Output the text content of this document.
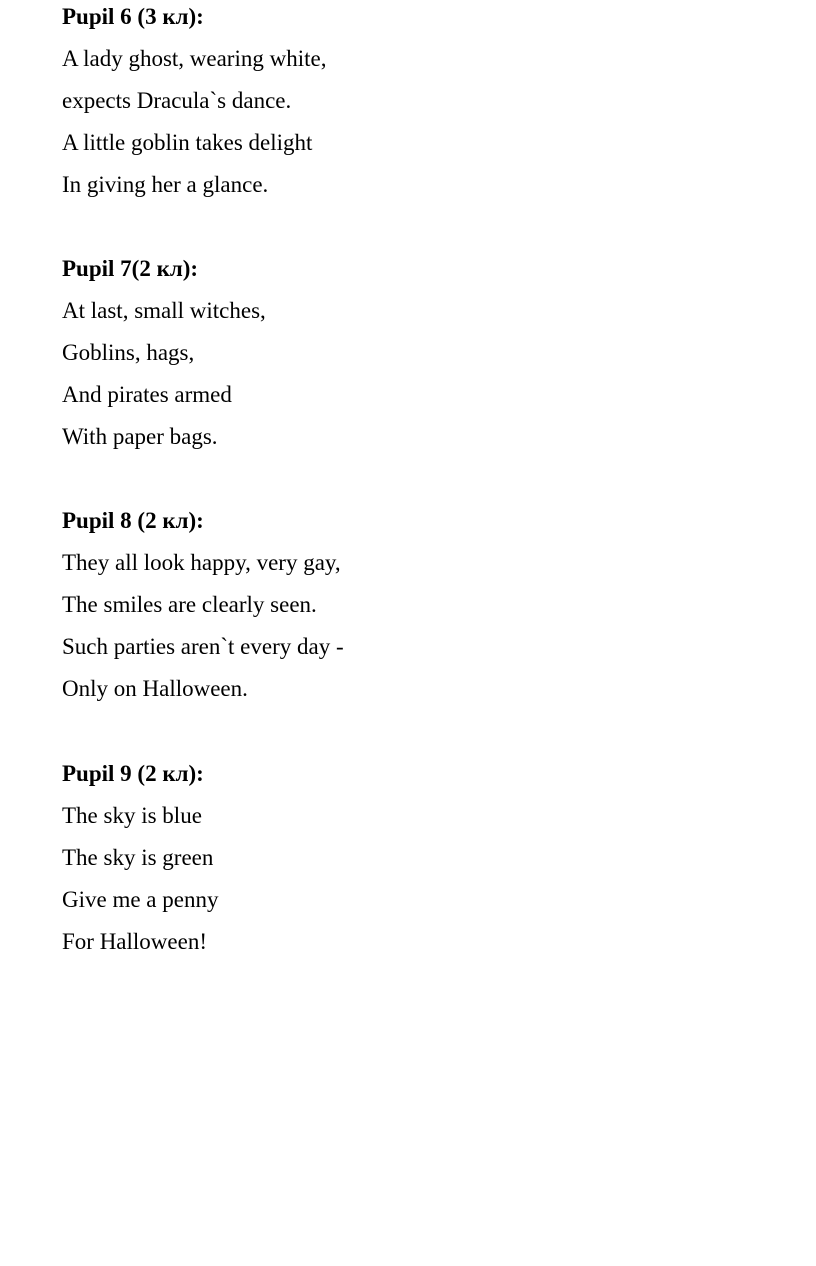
Pupil 6 (3 кл):
A lady ghost, wearing white,
expects Dracula`s dance.
A little goblin takes delight
In giving her a glance.
Pupil 7(2 кл):
At last, small witches,
Goblins, hags,
And pirates armed
With paper bags.
Pupil 8 (2 кл):
They all look happy, very gay,
The smiles are clearly seen.
Such parties aren`t every day -
Only on Halloween.
Pupil 9 (2 кл):
The sky is blue
The sky is green
Give me a penny
For Halloween!
